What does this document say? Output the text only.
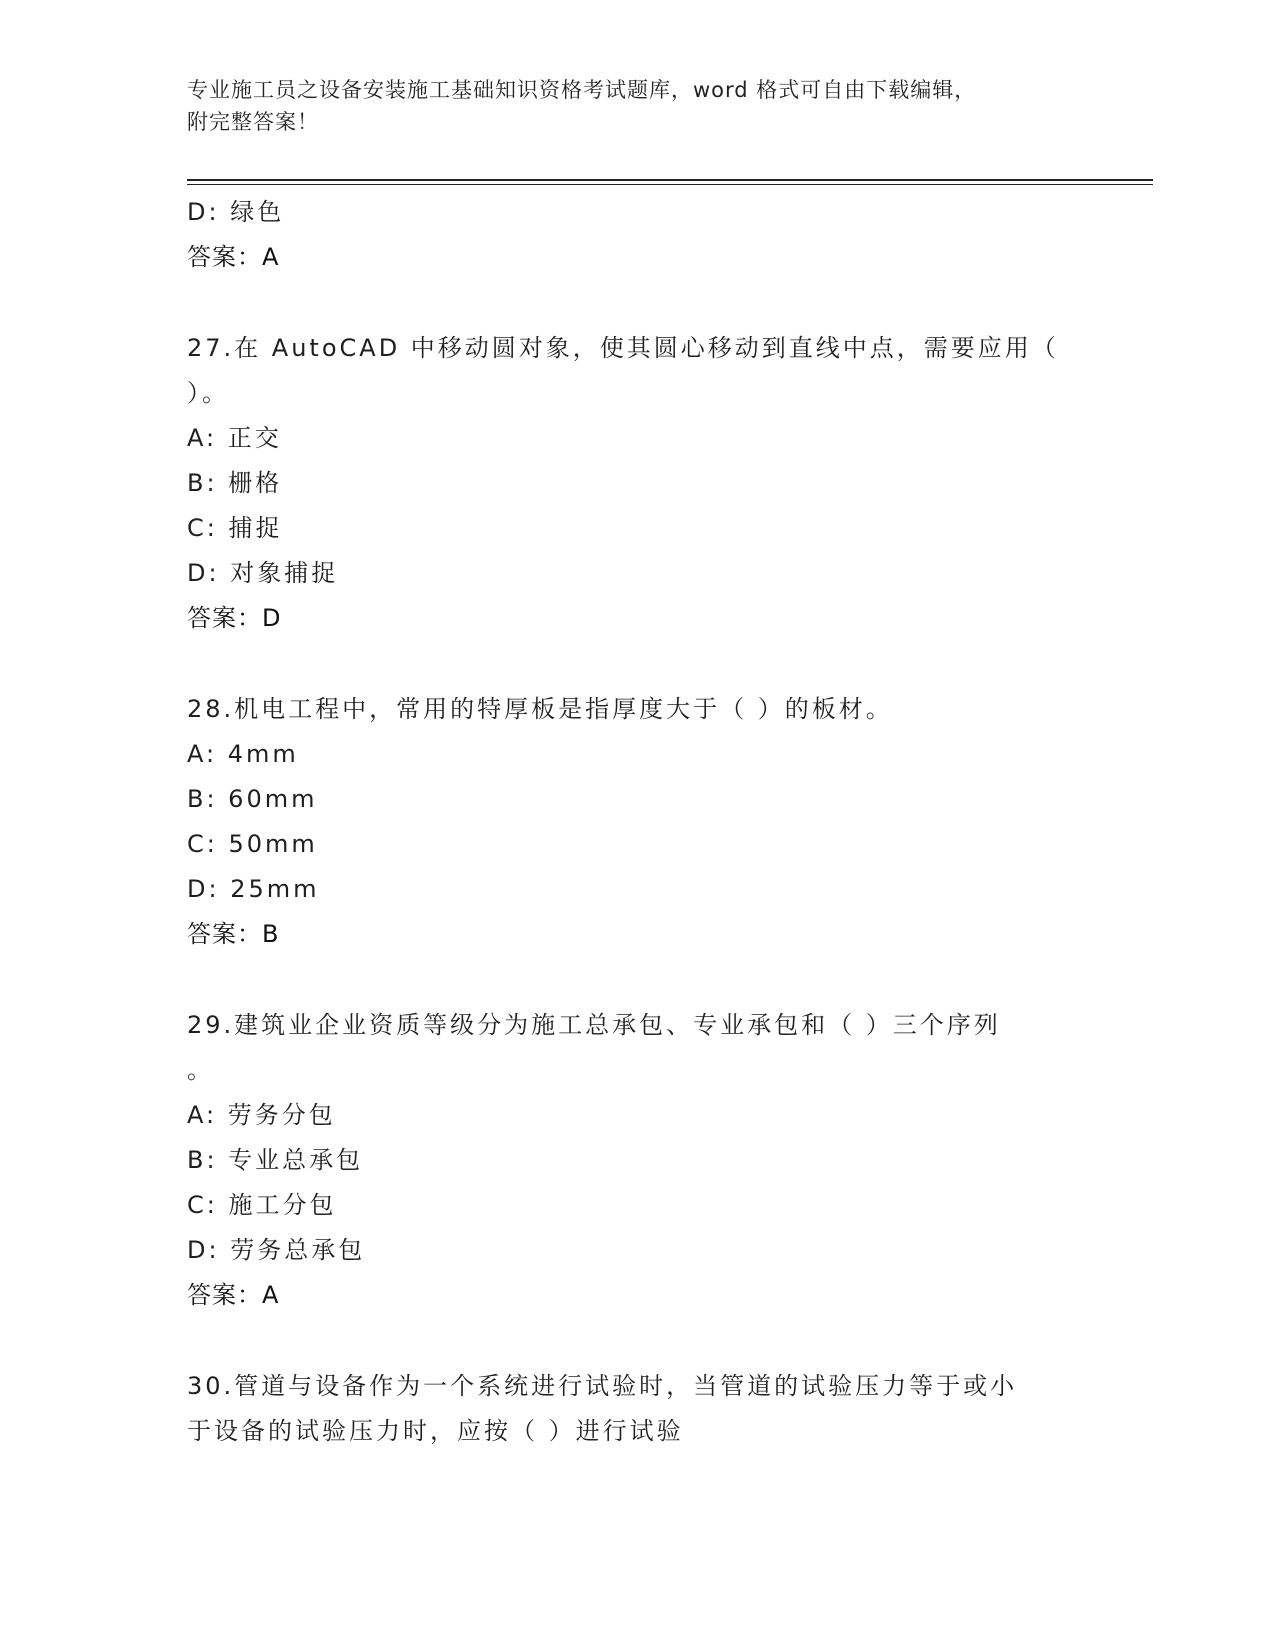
专业施工员之设备安装施工基础知识资格考试题库，word 格式可自由下载编辑，
附完整答案！
D: 绿色
答案：A
27.在 AutoCAD 中移动圆对象，使其圆心移动到直线中点，需要应用（
）。
A: 正交
B: 栅格
C: 捕捉
D: 对象捕捉
答案：D
28.机电工程中，常用的特厚板是指厚度大于（ ）的板材。
A: 4mm
B: 60mm
C: 50mm
D: 25mm
答案：B
29.建筑业企业资质等级分为施工总承包、专业承包和（ ）三个序列
。
A: 劳务分包
B: 专业总承包
C: 施工分包
D: 劳务总承包
答案：A
30.管道与设备作为一个系统进行试验时，当管道的试验压力等于或小
于设备的试验压力时，应按（ ）进行试验
